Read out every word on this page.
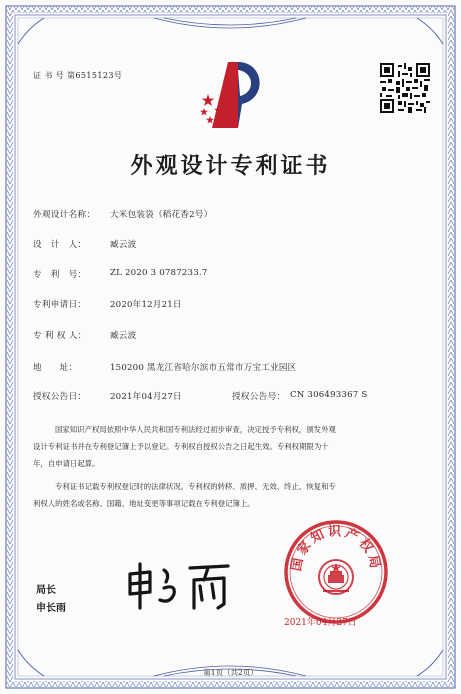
证 书 号 第6515123号
外观设计专利证书
外观设计名称： 大米包装袋（稻花香2号）
设　计　人：	臧云波
专　利　号：	ZL 2020 3 0787233.7
专利申请日：	2020年12月21日
专 利 权 人：	臧云波
地　　址：	150200 黑龙江省哈尔滨市五常市万宝工业园区
授权公告日：	2021年04月27日	授权公告号： CN 306493367 S
国家知识产权局依照中华人民共和国专利法经过初步审查，决定授予专利权，颁发外观
设计专利证书并在专利登记簿上予以登记。专利权自授权公告之日起生效。专利权期限为十
年，自申请日起算。
专利证书记载专利权登记时的法律状况。专利权的转移、质押、无效、终止、恢复和专
利权人的姓名或名称、国籍、地址变更等事项记载在专利登记簿上。
局长
申长雨
国家知识产权局
2021年04月27日
第1页（共2页）
